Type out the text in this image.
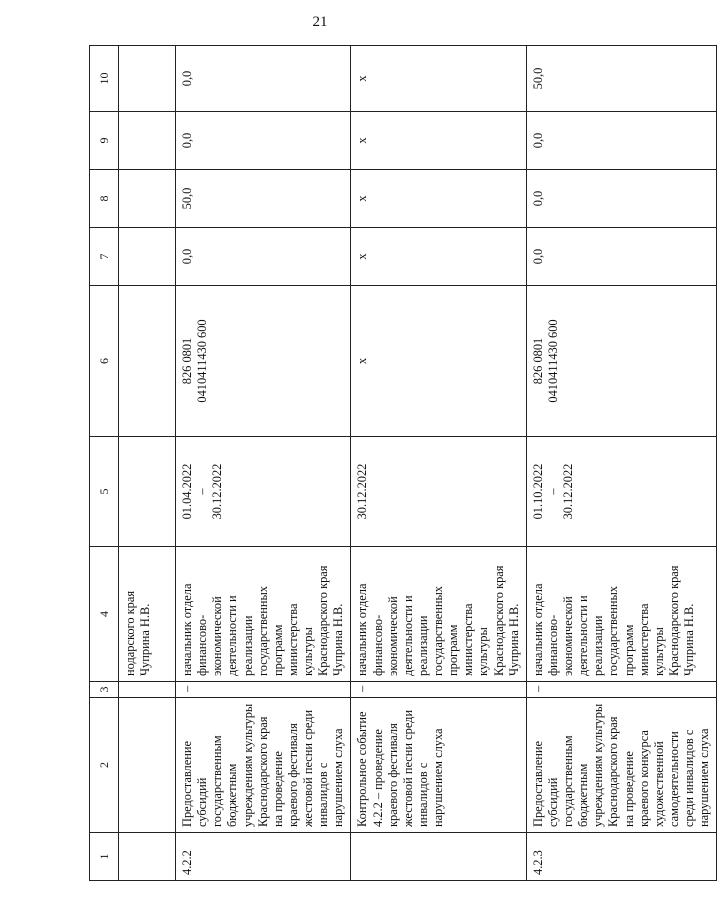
21
1	2	3	4	5	6	7	8	9	10
			нодарского края
Чуприна Н.В.						
4.2.2	Предоставление субсидий государственным бюджетным учреждениям культуры Краснодарского края на проведение краевого фестиваля жестовой песни среди инвалидов с нарушением слуха	–	начальник отдела финансово-экономической деятельности и реализации государственных программ министерства культуры Краснодарского края
Чуприна Н.В.	01.04.2022 – 30.12.2022	826 0801 0410411430 600	0,0	50,0	0,0	0,0
	Контрольное событие 4.2.2 – проведение краевого фестиваля жестовой песни среди инвалидов с нарушением слуха	–	начальник отдела финансово-экономической деятельности и реализации государственных программ министерства культуры Краснодарского края
Чуприна Н.В.	30.12.2022	х	х	х	х	х
4.2.3	Предоставление субсидий государственным бюджетным учреждениям культуры Краснодарского края на проведение краевого конкурса художественной самодеятельности среди инвалидов с нарушением слуха	–	начальник отдела финансово-экономической деятельности и реализации государственных программ министерства культуры Краснодарского края
Чуприна Н.В.	01.10.2022 – 30.12.2022	826 0801 0410411430 600	0,0	0,0	0,0	50,0
